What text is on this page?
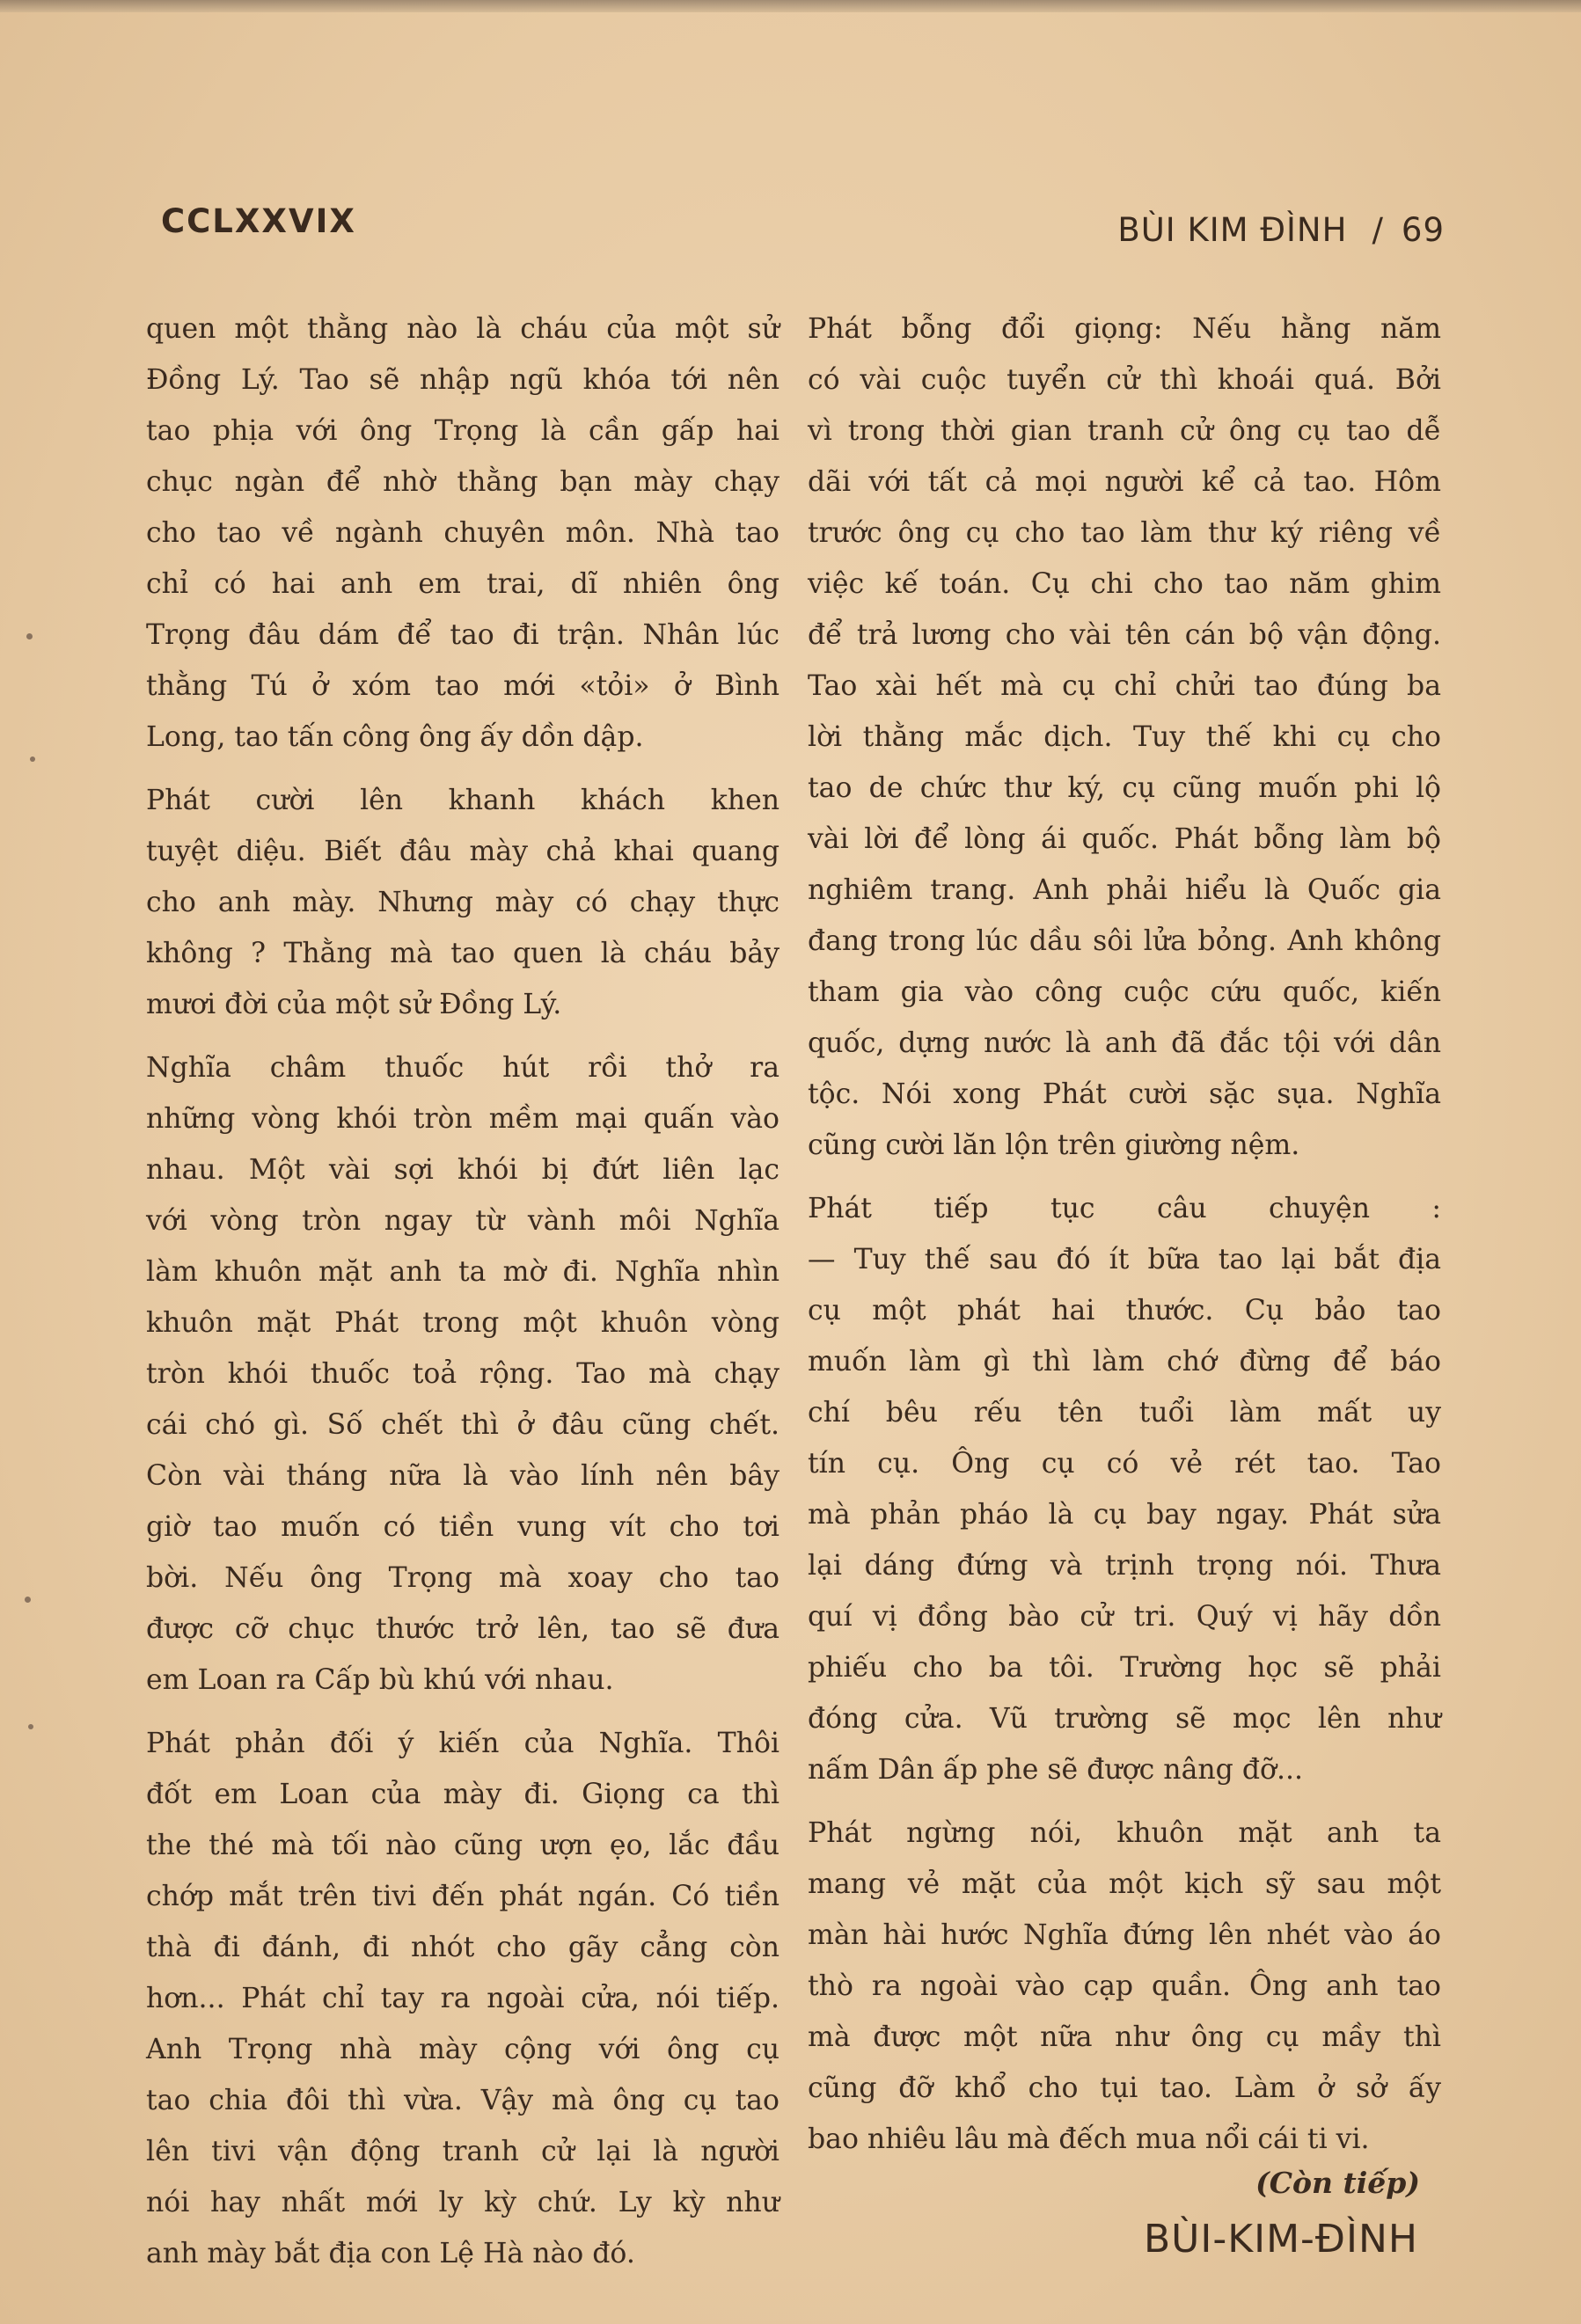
CCLXXVIX	BÙI KIM ĐÌNH / 69
quen một thằng nào là cháu của một sử
Đồng Lý. Tao sẽ nhập ngũ khóa tới nên
tao phịa với ông Trọng là cần gấp hai
chục ngàn để nhờ thằng bạn mày chạy
cho tao về ngành chuyên môn. Nhà tao
chỉ có hai anh em trai, dĩ nhiên ông
Trọng đâu dám để tao đi trận. Nhân lúc
thằng Tú ở xóm tao mới «tỏi» ở Bình
Long, tao tấn công ông ấy dồn dập.
Phát cười lên khanh khách khen
tuyệt diệu. Biết đâu mày chả khai quang
cho anh mày. Nhưng mày có chạy thực
không ? Thằng mà tao quen là cháu bảy
mươi đời của một sử Đồng Lý.
Nghĩa châm thuốc hút rồi thở ra
những vòng khói tròn mềm mại quấn vào
nhau. Một vài sợi khói bị đứt liên lạc
với vòng tròn ngay từ vành môi Nghĩa
làm khuôn mặt anh ta mờ đi. Nghĩa nhìn
khuôn mặt Phát trong một khuôn vòng
tròn khói thuốc toả rộng. Tao mà chạy
cái chó gì. Số chết thì ở đâu cũng chết.
Còn vài tháng nữa là vào lính nên bây
giờ tao muốn có tiền vung vít cho tơi
bời. Nếu ông Trọng mà xoay cho tao
được cỡ chục thước trở lên, tao sẽ đưa
em Loan ra Cấp bù khú với nhau.
Phát phản đối ý kiến của Nghĩa. Thôi
đốt em Loan của mày đi. Giọng ca thì
the thé mà tối nào cũng ượn ẹo, lắc đầu
chớp mắt trên tivi đến phát ngán. Có tiền
thà đi đánh, đi nhót cho gãy cẳng còn
hơn... Phát chỉ tay ra ngoài cửa, nói tiếp.
Anh Trọng nhà mày cộng với ông cụ
tao chia đôi thì vừa. Vậy mà ông cụ tao
lên tivi vận động tranh cử lại là người
nói hay nhất mới ly kỳ chứ. Ly kỳ như
anh mày bắt địa con Lệ Hà nào đó.
Phát bỗng đổi giọng: Nếu hằng năm
có vài cuộc tuyển cử thì khoái quá. Bởi
vì trong thời gian tranh cử ông cụ tao dễ
dãi với tất cả mọi người kể cả tao. Hôm
trước ông cụ cho tao làm thư ký riêng về
việc kế toán. Cụ chi cho tao năm ghim
để trả lương cho vài tên cán bộ vận động.
Tao xài hết mà cụ chỉ chửi tao đúng ba
lời thằng mắc dịch. Tuy thế khi cụ cho
tao de chức thư ký, cụ cũng muốn phi lộ
vài lời để lòng ái quốc. Phát bỗng làm bộ
nghiêm trang. Anh phải hiểu là Quốc gia
đang trong lúc dầu sôi lửa bỏng. Anh không
tham gia vào công cuộc cứu quốc, kiến
quốc, dựng nước là anh đã đắc tội với dân
tộc. Nói xong Phát cười sặc sụa. Nghĩa
cũng cười lăn lộn trên giường nệm.
Phát tiếp tục câu chuyện :
— Tuy thế sau đó ít bữa tao lại bắt địa
cụ một phát hai thước. Cụ bảo tao
muốn làm gì thì làm chớ đừng để báo
chí bêu rếu tên tuổi làm mất uy
tín cụ. Ông cụ có vẻ rét tao. Tao
mà phản pháo là cụ bay ngay. Phát sửa
lại dáng đứng và trịnh trọng nói. Thưa
quí vị đồng bào cử tri. Quý vị hãy dồn
phiếu cho ba tôi. Trường học sẽ phải
đóng cửa. Vũ trường sẽ mọc lên như
nấm Dân ấp phe sẽ được nâng đỡ...
Phát ngừng nói, khuôn mặt anh ta
mang vẻ mặt của một kịch sỹ sau một
màn hài hước Nghĩa đứng lên nhét vào áo
thò ra ngoài vào cạp quần. Ông anh tao
mà được một nữa như ông cụ mầy thì
cũng đỡ khổ cho tụi tao. Làm ở sở ấy
bao nhiêu lâu mà đếch mua nổi cái ti vi.
(Còn tiếp)
BÙI-KIM-ĐÌNH
